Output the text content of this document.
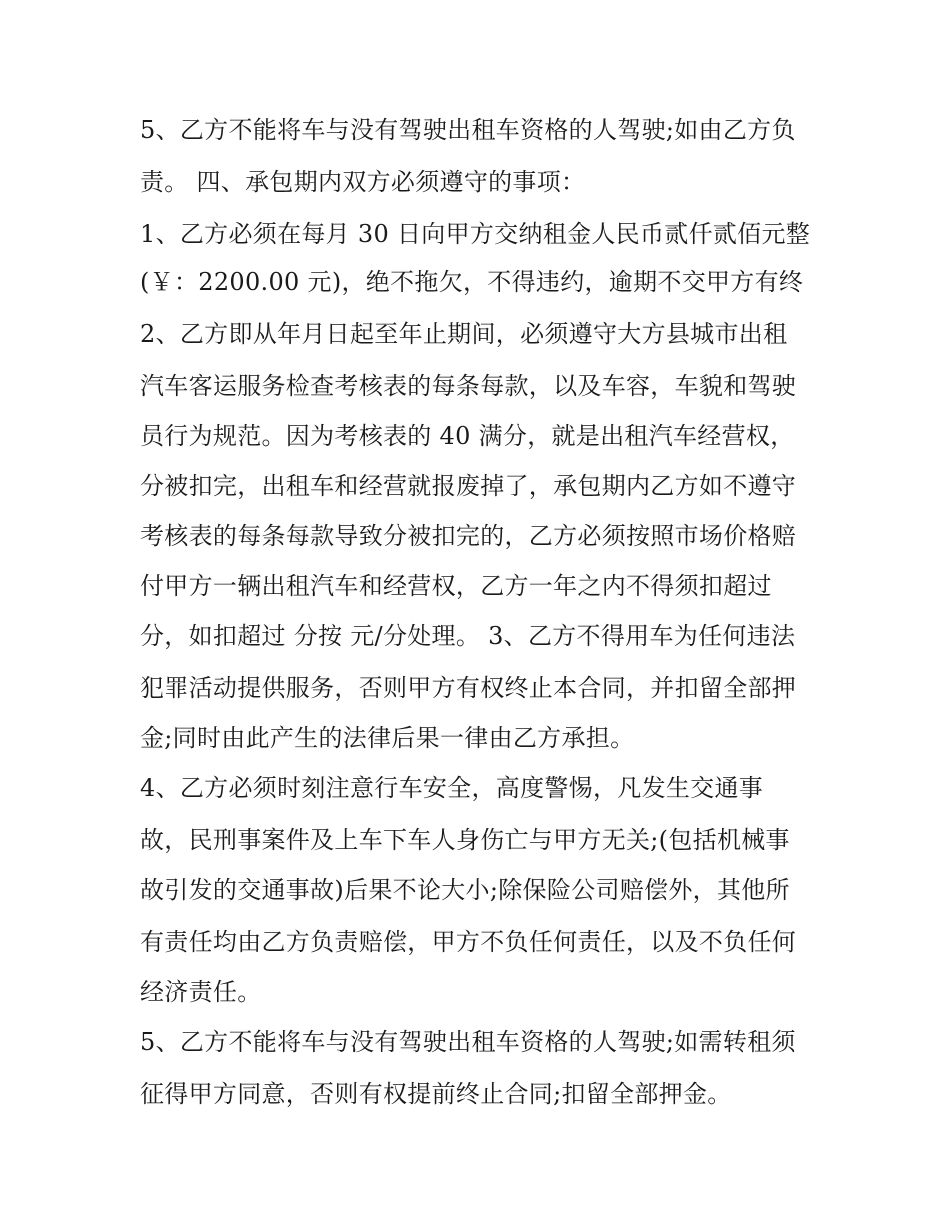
5、乙方不能将车与没有驾驶出租车资格的人驾驶;如由乙方负
责。 四、承包期内双方必须遵守的事项：
1、乙方必须在每月 30 日向甲方交纳租金人民币贰仟贰佰元整
(￥：2200.00 元)，绝不拖欠，不得违约，逾期不交甲方有终
2、乙方即从年月日起至年止期间，必须遵守大方县城市出租
汽车客运服务检查考核表的每条每款，以及车容，车貌和驾驶
员行为规范。因为考核表的 40 满分，就是出租汽车经营权，
分被扣完，出租车和经营就报废掉了，承包期内乙方如不遵守
考核表的每条每款导致分被扣完的，乙方必须按照市场价格赔
付甲方一辆出租汽车和经营权，乙方一年之内不得须扣超过
分，如扣超过 分按 元/分处理。 3、乙方不得用车为任何违法
犯罪活动提供服务，否则甲方有权终止本合同，并扣留全部押
金;同时由此产生的法律后果一律由乙方承担。
4、乙方必须时刻注意行车安全，高度警惕，凡发生交通事
故，民刑事案件及上车下车人身伤亡与甲方无关;(包括机械事
故引发的交通事故)后果不论大小;除保险公司赔偿外，其他所
有责任均由乙方负责赔偿，甲方不负任何责任，以及不负任何
经济责任。
5、乙方不能将车与没有驾驶出租车资格的人驾驶;如需转租须
征得甲方同意，否则有权提前终止合同;扣留全部押金。
